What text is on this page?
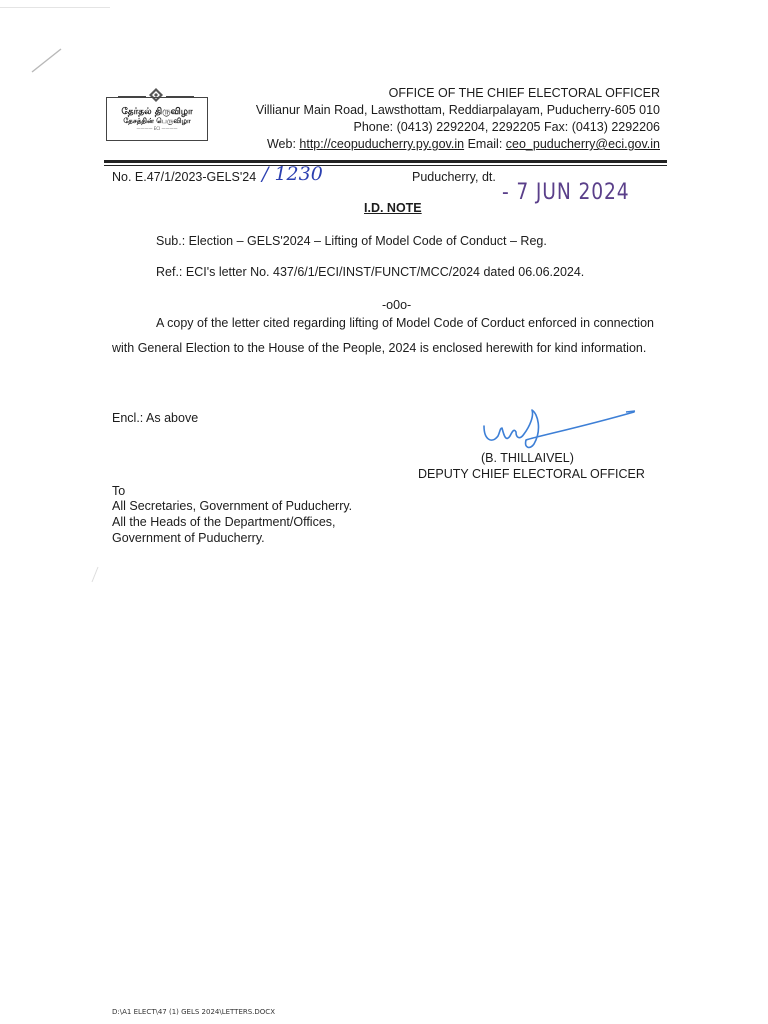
தேர்தல் திருவிழா
தேசத்தின் பெருவிழா
———— ECI ————
OFFICE OF THE CHIEF ELECTORAL OFFICER
Villianur Main Road, Lawsthottam, Reddiarpalayam, Puducherry-605 010
Phone: (0413) 2292204, 2292205 Fax: (0413) 2292206
Web: http://ceopuducherry.py.gov.in Email: ceo_puducherry@eci.gov.in
No. E.47/1/2023-GELS'24 / 1230	Puducherry, dt.
- 7 JUN 2024
I.D. NOTE
Sub.: Election – GELS'2024 – Lifting of Model Code of Conduct – Reg.
Ref.: ECI's letter No. 437/6/1/ECI/INST/FUNCT/MCC/2024 dated 06.06.2024.
-o0o-
A copy of the letter cited regarding lifting of Model Code of Corduct enforced in connection with General Election to the House of the People, 2024 is enclosed herewith for kind information.
Encl.: As above
(B. THILLAIVEL)
DEPUTY CHIEF ELECTORAL OFFICER
To
All Secretaries, Government of Puducherry.
All the Heads of the Department/Offices,
Government of Puducherry.
D:\A1 ELECT\47 (1) GELS 2024\LETTERS.DOCX
